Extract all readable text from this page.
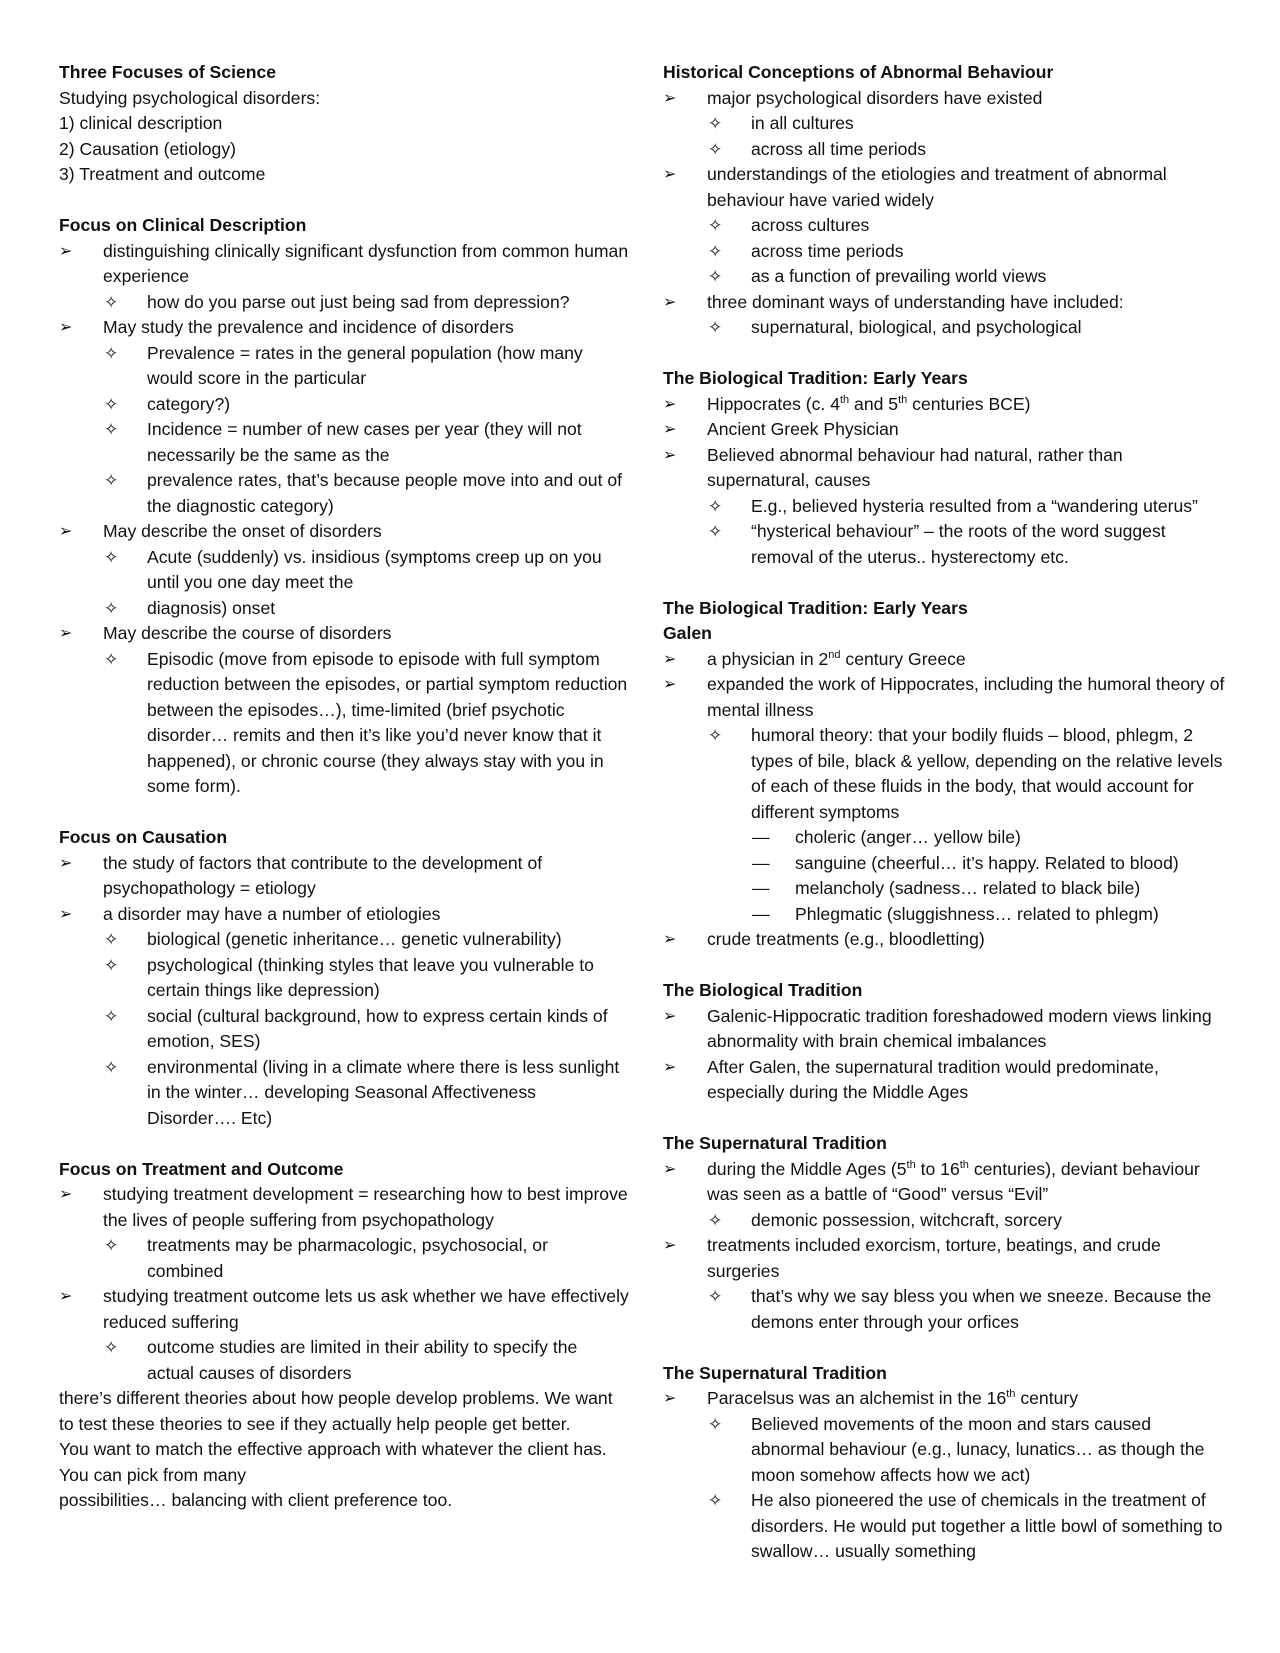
Three Focuses of Science
Studying psychological disorders:
1) clinical description
2) Causation (etiology)
3) Treatment and outcome
Focus on Clinical Description
➢ distinguishing clinically significant dysfunction from common human experience
✧ how do you parse out just being sad from depression?
➢ May study the prevalence and incidence of disorders
✧ Prevalence = rates in the general population (how many would score in the particular
✧ category?)
✧ Incidence = number of new cases per year (they will not necessarily be the same as the
✧ prevalence rates, that’s because people move into and out of the diagnostic category)
➢ May describe the onset of disorders
✧ Acute (suddenly) vs. insidious (symptoms creep up on you until you one day meet the
✧ diagnosis) onset
➢ May describe the course of disorders
✧ Episodic (move from episode to episode with full symptom reduction between the episodes, or partial symptom reduction between the episodes…), time-limited (brief psychotic disorder… remits and then it’s like you’d never know that it happened), or chronic course (they always stay with you in some form).
Focus on Causation
➢ the study of factors that contribute to the development of psychopathology = etiology
➢ a disorder may have a number of etiologies
✧ biological (genetic inheritance… genetic vulnerability)
✧ psychological (thinking styles that leave you vulnerable to certain things like depression)
✧ social (cultural background, how to express certain kinds of emotion, SES)
✧ environmental (living in a climate where there is less sunlight in the winter… developing Seasonal Affectiveness Disorder…. Etc)
Focus on Treatment and Outcome
➢ studying treatment development = researching how to best improve the lives of people suffering from psychopathology
✧ treatments may be pharmacologic, psychosocial, or combined
➢ studying treatment outcome lets us ask whether we have effectively reduced suffering
✧ outcome studies are limited in their ability to specify the actual causes of disorders
there’s different theories about how people develop problems. We want to test these theories to see if they actually help people get better.
You want to match the effective approach with whatever the client has. You can pick from many
possibilities… balancing with client preference too.
Historical Conceptions of Abnormal Behaviour
➢ major psychological disorders have existed
✧ in all cultures
✧ across all time periods
➢ understandings of the etiologies and treatment of abnormal behaviour have varied widely
✧ across cultures
✧ across time periods
✧ as a function of prevailing world views
➢ three dominant ways of understanding have included:
✧ supernatural, biological, and psychological
The Biological Tradition: Early Years
➢ Hippocrates (c. 4th and 5th centuries BCE)
➢ Ancient Greek Physician
➢ Believed abnormal behaviour had natural, rather than supernatural, causes
✧ E.g., believed hysteria resulted from a “wandering uterus”
✧ “hysterical behaviour” – the roots of the word suggest removal of the uterus.. hysterectomy etc.
The Biological Tradition: Early Years
Galen
➢ a physician in 2nd century Greece
➢ expanded the work of Hippocrates, including the humoral theory of mental illness
✧ humoral theory: that your bodily fluids – blood, phlegm, 2 types of bile, black & yellow, depending on the relative levels of each of these fluids in the body, that would account for different symptoms
— choleric (anger… yellow bile)
— sanguine (cheerful… it’s happy. Related to blood)
— melancholy (sadness… related to black bile)
— Phlegmatic (sluggishness… related to phlegm)
➢ crude treatments (e.g., bloodletting)
The Biological Tradition
➢ Galenic-Hippocratic tradition foreshadowed modern views linking abnormality with brain chemical imbalances
➢ After Galen, the supernatural tradition would predominate, especially during the Middle Ages
The Supernatural Tradition
➢ during the Middle Ages (5th to 16th centuries), deviant behaviour was seen as a battle of “Good” versus “Evil”
✧ demonic possession, witchcraft, sorcery
➢ treatments included exorcism, torture, beatings, and crude surgeries
✧ that’s why we say bless you when we sneeze. Because the demons enter through your orfices
The Supernatural Tradition
➢ Paracelsus was an alchemist in the 16th century
✧ Believed movements of the moon and stars caused abnormal behaviour (e.g., lunacy, lunatics… as though the moon somehow affects how we act)
✧ He also pioneered the use of chemicals in the treatment of disorders. He would put together a little bowl of something to swallow… usually something
